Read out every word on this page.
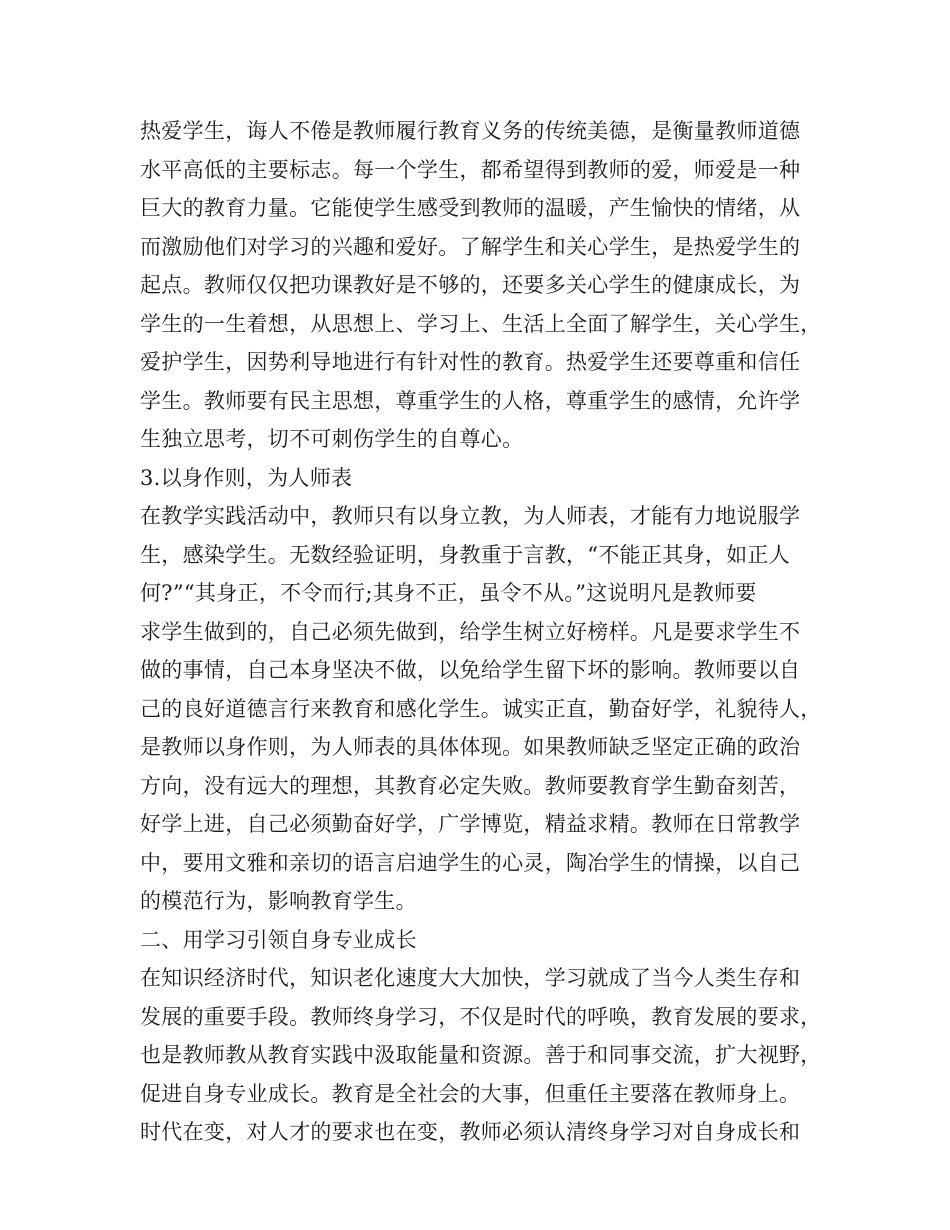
热爱学生，诲人不倦是教师履行教育义务的传统美德，是衡量教师道德
水平高低的主要标志。每一个学生，都希望得到教师的爱，师爱是一种
巨大的教育力量。它能使学生感受到教师的温暖，产生愉快的情绪，从
而激励他们对学习的兴趣和爱好。了解学生和关心学生，是热爱学生的
起点。教师仅仅把功课教好是不够的，还要多关心学生的健康成长，为
学生的一生着想，从思想上、学习上、生活上全面了解学生，关心学生，
爱护学生，因势利导地进行有针对性的教育。热爱学生还要尊重和信任
学生。教师要有民主思想，尊重学生的人格，尊重学生的感情，允许学
生独立思考，切不可刺伤学生的自尊心。
3.以身作则，为人师表
在教学实践活动中，教师只有以身立教，为人师表，才能有力地说服学
生，感染学生。无数经验证明，身教重于言教，“不能正其身，如正人
何?”“其身正，不令而行;其身不正，虽令不从。”这说明凡是教师要
求学生做到的，自己必须先做到，给学生树立好榜样。凡是要求学生不
做的事情，自己本身坚决不做，以免给学生留下坏的影响。教师要以自
己的良好道德言行来教育和感化学生。诚实正直，勤奋好学，礼貌待人，
是教师以身作则，为人师表的具体体现。如果教师缺乏坚定正确的政治
方向，没有远大的理想，其教育必定失败。教师要教育学生勤奋刻苦，
好学上进，自己必须勤奋好学，广学博览，精益求精。教师在日常教学
中，要用文雅和亲切的语言启迪学生的心灵，陶冶学生的情操，以自己
的模范行为，影响教育学生。
二、用学习引领自身专业成长
在知识经济时代，知识老化速度大大加快，学习就成了当今人类生存和
发展的重要手段。教师终身学习，不仅是时代的呼唤，教育发展的要求，
也是教师教从教育实践中汲取能量和资源。善于和同事交流，扩大视野，
促进自身专业成长。教育是全社会的大事，但重任主要落在教师身上。
时代在变，对人才的要求也在变，教师必须认清终身学习对自身成长和
